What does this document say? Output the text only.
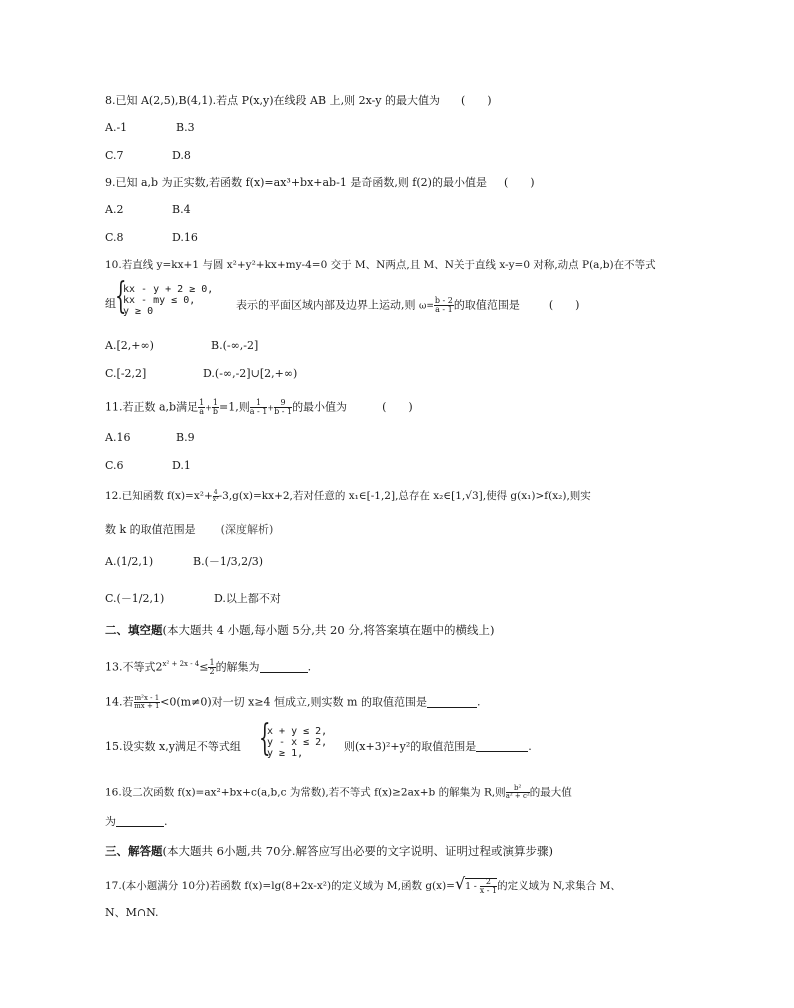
8.已知 A(2,5),B(4,1).若点 P(x,y)在线段 AB 上,则 2x-y 的最大值为 (　　)
A.-1	B.3
C.7	D.8
9.已知 a,b 为正实数,若函数 f(x)=ax³+bx+ab-1 是奇函数,则 f(2)的最小值是 (　　)
A.2	B.4
C.8	D.16
10.若直线 y=kx+1 与圆 x²+y²+kx+my-4=0 交于 M、N两点,且 M、N关于直线 x-y=0 对称,动点 P(a,b)在不等式
组 {
kx - y + 2 ≥ 0,
kx - my ≤ 0,
y ≥ 0	表示的平面区域内部及边界上运动,则 $\omega= \frac{b - 2}{a - 1}$ 的取值范围是	(　　)
A.[2,+∞)	B.(-∞,-2]
C.[-2,2]	D.(-∞,-2]∪[2,+∞)
11.若正数 a,b满足 $\frac{1}{a} + \frac{1}{b} =1$,则 $\frac{1}{a - 1} + \frac{9}{b - 1}$ 的最小值为	(　　)
A.16	B.9
C.6	D.1
12.已知函数 $f(x)=x^2+ \frac{4}{\text{x²}} -3,g(x)=kx+2$,若对任意的 x₁∈[-1,2],总存在 x₂∈[1,√3],使得 g(x₁)>f(x₂),则实
数 k 的取值范围是 (深度解析)
A.(1/2,1)	B.(－1/3,2/3)
C.(－1/2,1)	D.以上都不对
二、填空题(本大题共 4 小题,每小题 5分,共 20 分,将答案填在题中的横线上)
13.不等式$2^{x^2 + 2x - 4}\le \frac{1}{2}$ 的解集为	.
14.若 $\frac{\text{m²x - 1}}{mx + 1} <0(m\ne 0)$对一切 x≥4 恒成立,则实数 m 的取值范围是	.
15.设实数 x,y满足不等式组 {
x + y ≤ 2,
y - x ≤ 2,
y ≥ 1,
则(x+3)²+y²的取值范围是	.
16.设二次函数 f(x)=ax²+bx+c(a,b,c 为常数),若不等式 f(x)≥2ax+b 的解集为 R,则 $\frac{\text{b²}}{\text{a² + c²}}$ 的最大值
为	.
三、解答题(本大题共 6小题,共 70分.解答应写出必要的文字说明、证明过程或演算步骤)
17.(本小题满分 10分)若函数 f(x)=lg(8+2x-x²)的定义域为 M,函数 $g(x)=√1 - \frac{2}{x - 1}$ 的定义域为 N,求集合 M、
N、M∩N.
